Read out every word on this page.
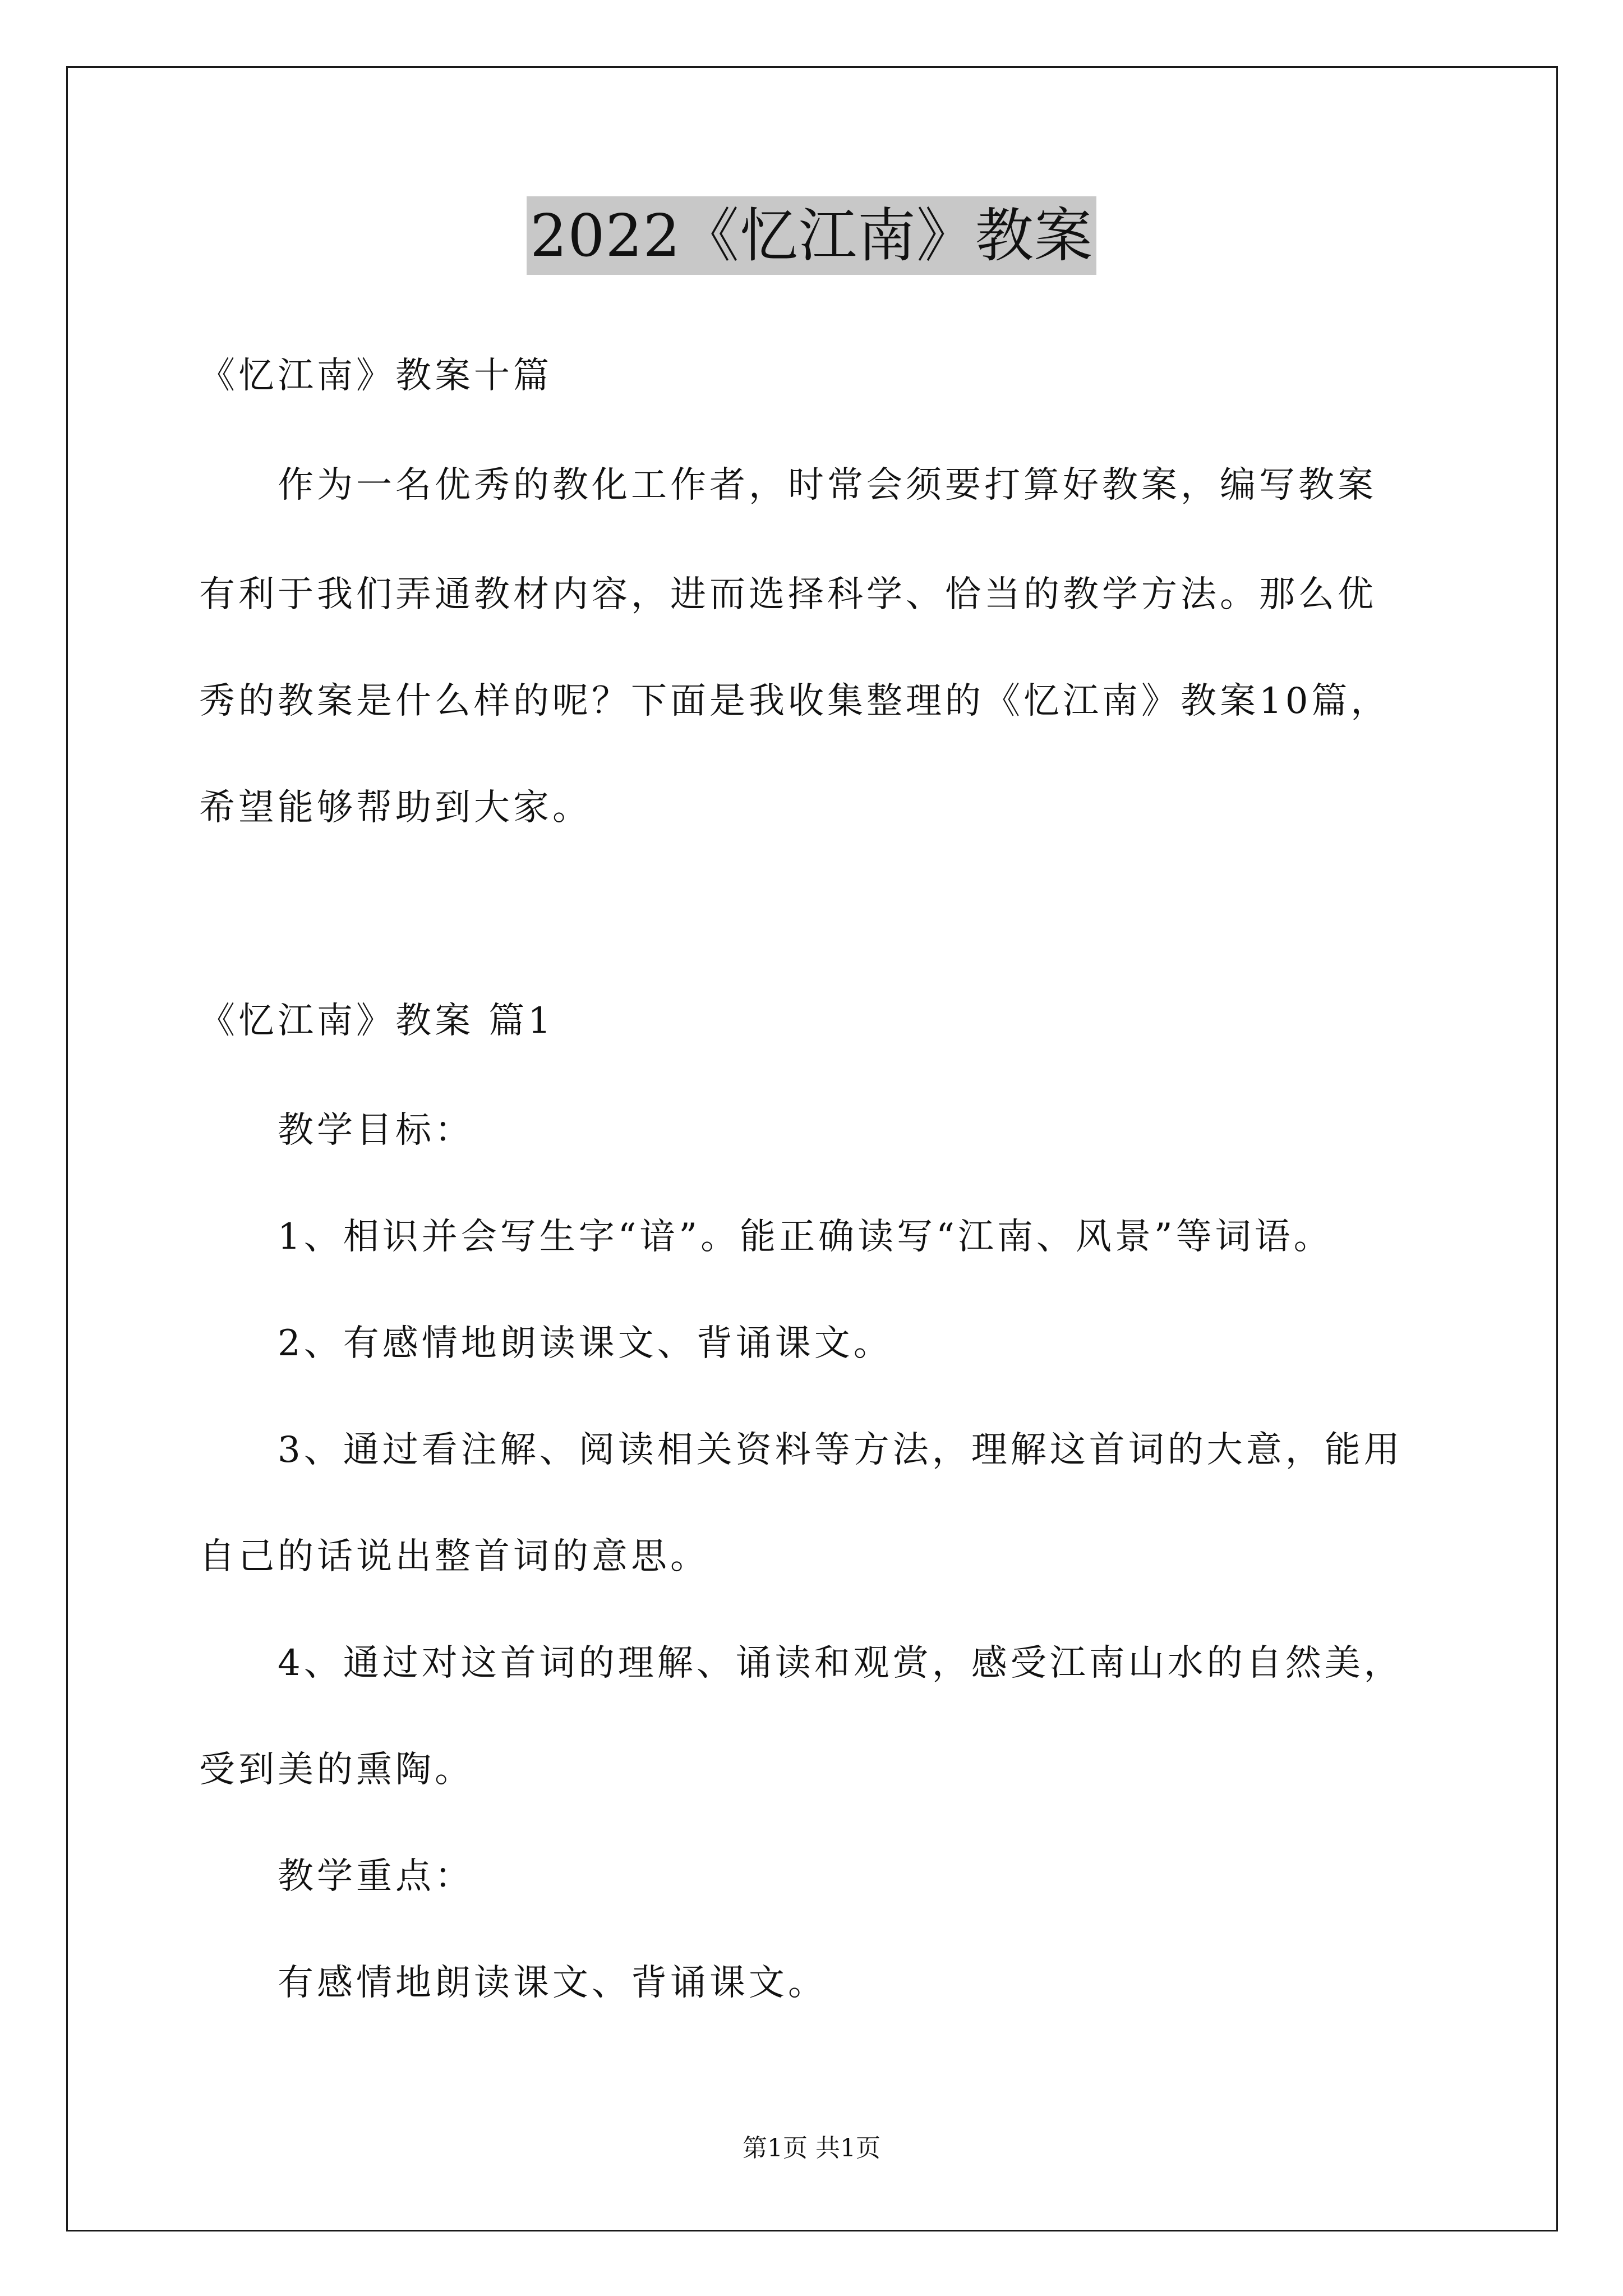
2022《忆江南》教案
《忆江南》教案十篇
作为一名优秀的教化工作者，时常会须要打算好教案，编写教案
有利于我们弄通教材内容，进而选择科学、恰当的教学方法。那么优
秀的教案是什么样的呢？下面是我收集整理的《忆江南》教案10篇，
希望能够帮助到大家。
《忆江南》教案 篇1
教学目标：
1、相识并会写生字“谙”。能正确读写“江南、风景”等词语。
2、有感情地朗读课文、背诵课文。
3、通过看注解、阅读相关资料等方法，理解这首词的大意，能用
自己的话说出整首词的意思。
4、通过对这首词的理解、诵读和观赏，感受江南山水的自然美，
受到美的熏陶。
教学重点：
有感情地朗读课文、背诵课文。
第1页 共1页
